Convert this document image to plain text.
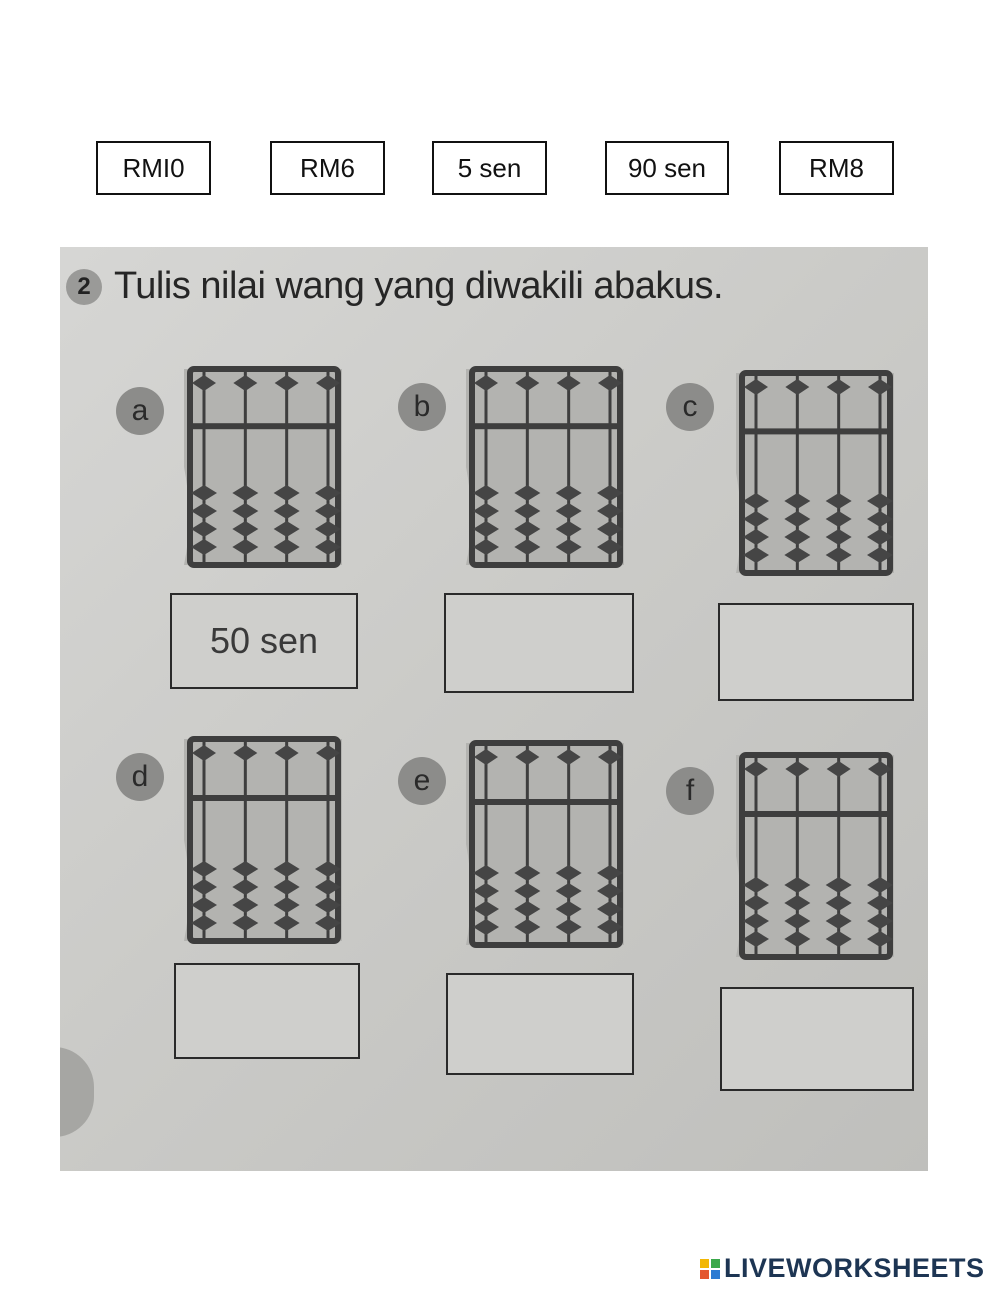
RMI0	RM6	5 sen	90 sen	RM8
2 Tulis nilai wang yang diwakili abakus.
a	b	c
d	e	f
50 sen
LIVEWORKSHEETS
